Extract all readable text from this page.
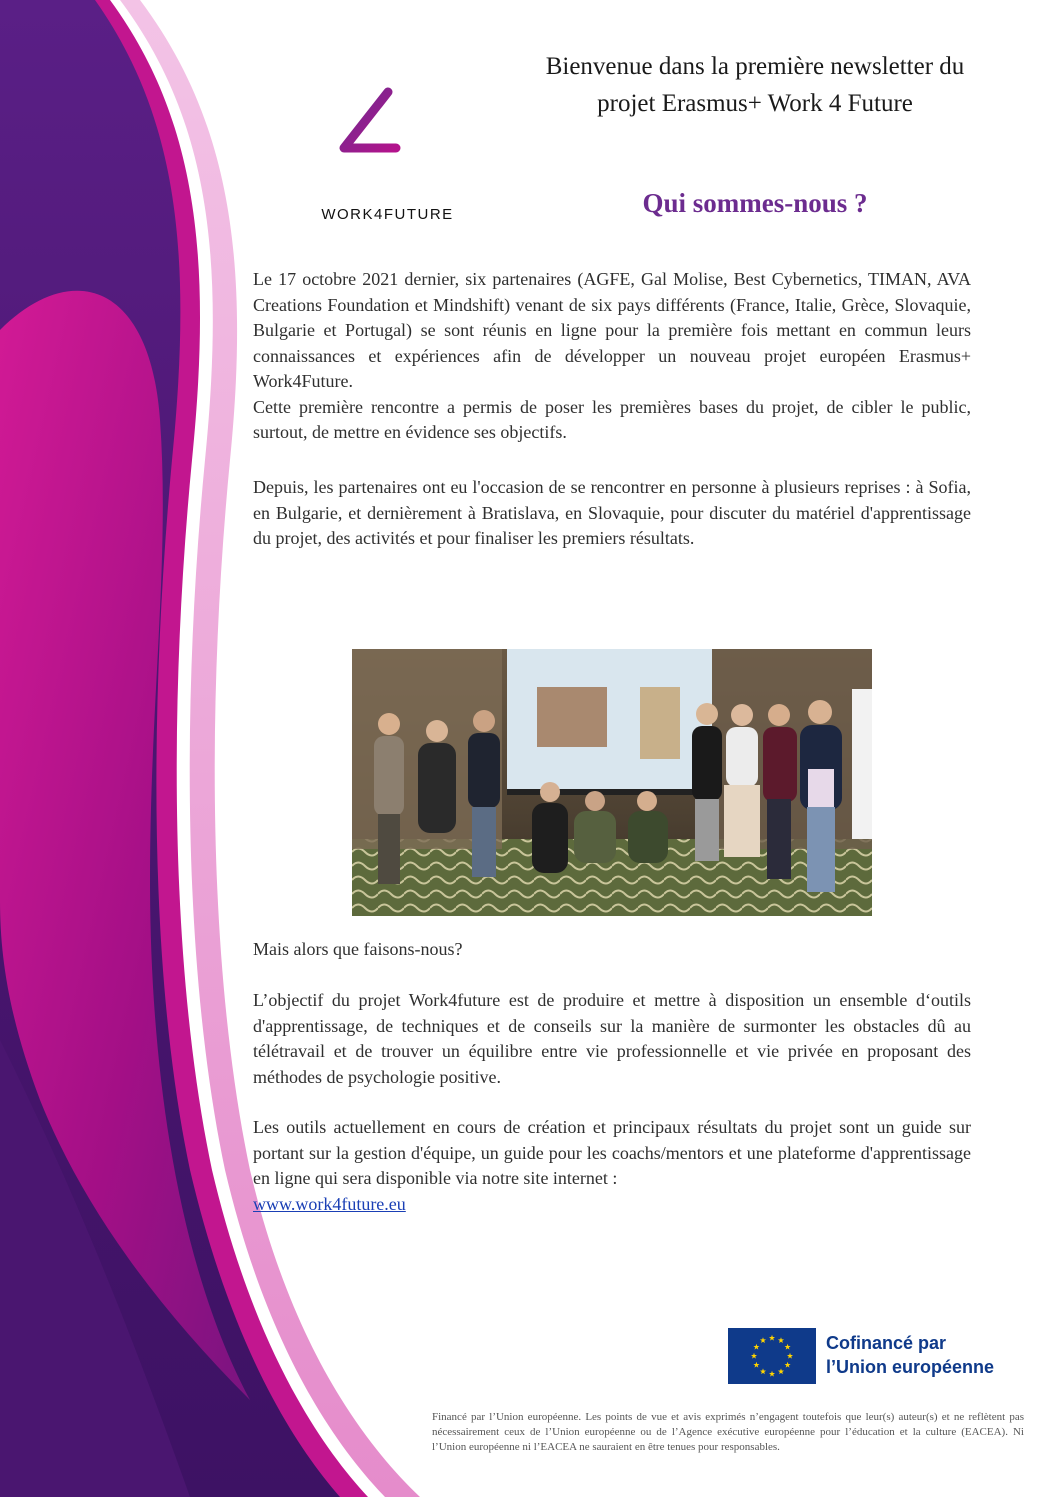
Bienvenue dans la première newsletter du
projet Erasmus+ Work 4 Future
WORK4FUTURE	Qui sommes-nous ?

Le 17 octobre 2021 dernier, six partenaires (AGFE, Gal Molise, Best Cybernetics, TIMAN, AVA Creations Foundation et Mindshift) venant de six pays différents (France, Italie, Grèce, Slovaquie, Bulgarie et Portugal) se sont réunis en ligne pour la première fois mettant en commun leurs connaissances et expériences afin de développer un nouveau projet européen Erasmus+ Work4Future.

Cette première rencontre a permis de poser les premières bases du projet, de cibler le public, surtout, de mettre en évidence ses objectifs.

Depuis, les partenaires ont eu l'occasion de se rencontrer en personne à plusieurs reprises : à Sofia, en Bulgarie, et dernièrement à Bratislava, en Slovaquie, pour discuter du matériel d'apprentissage du projet, des activités et pour finaliser les premiers résultats.

Mais alors que faisons-nous?

L’objectif du projet Work4future est de produire et mettre à disposition un ensemble d‘outils d'apprentissage, de techniques et de conseils sur la manière de surmonter les obstacles dû au télétravail et de trouver un équilibre entre vie professionnelle et vie privée en proposant des méthodes de psychologie positive.

Les outils actuellement en cours de création et principaux résultats du projet sont un guide sur portant sur la gestion d'équipe, un guide pour les coachs/mentors et une plateforme d'apprentissage en ligne qui sera disponible via notre site internet :
www.work4future.eu

Cofinancé par
l’Union européenne
Financé par l’Union européenne. Les points de vue et avis exprimés n’engagent toutefois que leur(s) auteur(s) et ne reflètent pas nécessairement ceux de l’Union européenne ou de l’Agence exécutive européenne pour l’éducation et la culture (EACEA). Ni l’Union européenne ni l’EACEA ne sauraient en être tenues pour responsables.
